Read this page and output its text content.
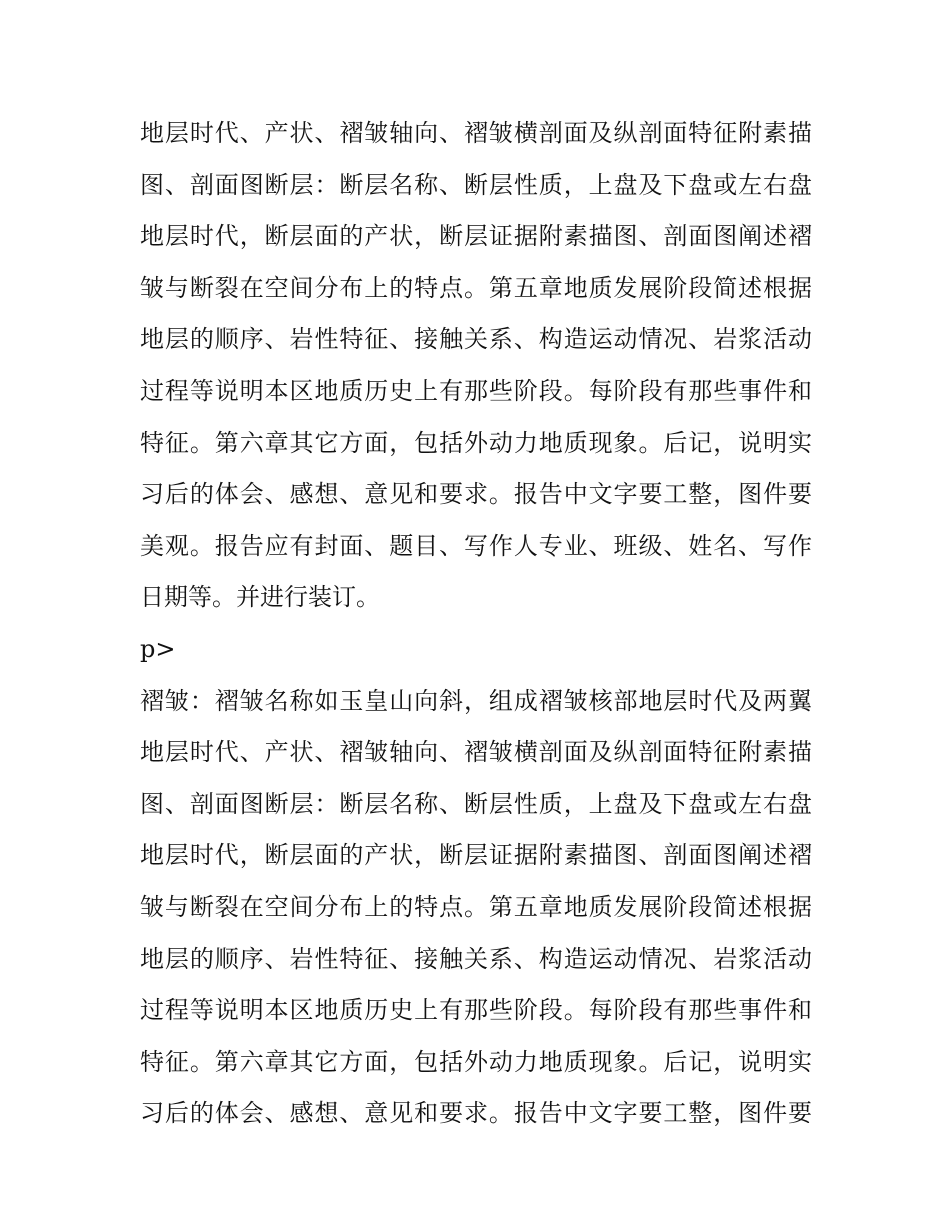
地层时代、产状、褶皱轴向、褶皱横剖面及纵剖面特征附素描
图、剖面图断层：断层名称、断层性质，上盘及下盘或左右盘
地层时代，断层面的产状，断层证据附素描图、剖面图阐述褶
皱与断裂在空间分布上的特点。第五章地质发展阶段简述根据
地层的顺序、岩性特征、接触关系、构造运动情况、岩浆活动
过程等说明本区地质历史上有那些阶段。每阶段有那些事件和
特征。第六章其它方面，包括外动力地质现象。后记，说明实
习后的体会、感想、意见和要求。报告中文字要工整，图件要
美观。报告应有封面、题目、写作人专业、班级、姓名、写作
日期等。并进行装订。
p>
褶皱：褶皱名称如玉皇山向斜，组成褶皱核部地层时代及两翼
地层时代、产状、褶皱轴向、褶皱横剖面及纵剖面特征附素描
图、剖面图断层：断层名称、断层性质，上盘及下盘或左右盘
地层时代，断层面的产状，断层证据附素描图、剖面图阐述褶
皱与断裂在空间分布上的特点。第五章地质发展阶段简述根据
地层的顺序、岩性特征、接触关系、构造运动情况、岩浆活动
过程等说明本区地质历史上有那些阶段。每阶段有那些事件和
特征。第六章其它方面，包括外动力地质现象。后记，说明实
习后的体会、感想、意见和要求。报告中文字要工整，图件要
